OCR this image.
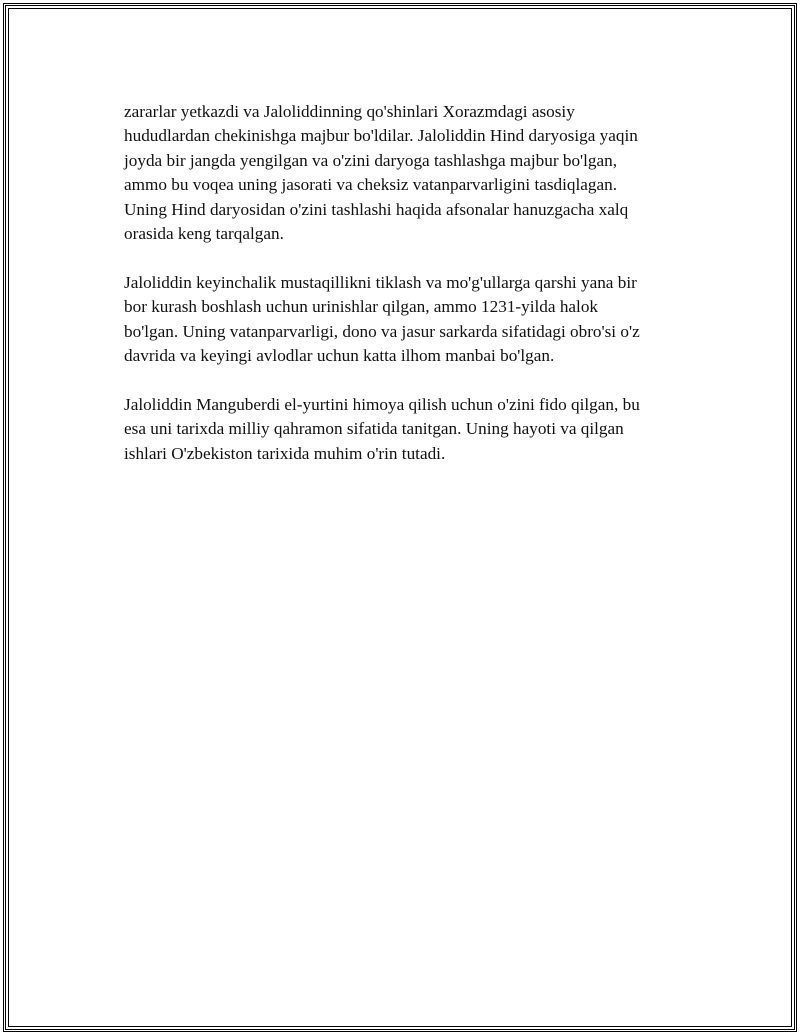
zararlar yetkazdi va Jaloliddinning qo'shinlari Xorazmdagi asosiy
hududlardan chekinishga majbur bo'ldilar. Jaloliddin Hind daryosiga yaqin
joyda bir jangda yengilgan va o'zini daryoga tashlashga majbur bo'lgan,
ammo bu voqea uning jasorati va cheksiz vatanparvarligini tasdiqlagan.
Uning Hind daryosidan o'zini tashlashi haqida afsonalar hanuzgacha xalq
orasida keng tarqalgan.

Jaloliddin keyinchalik mustaqillikni tiklash va mo'g'ullarga qarshi yana bir
bor kurash boshlash uchun urinishlar qilgan, ammo 1231-yilda halok
bo'lgan. Uning vatanparvarligi, dono va jasur sarkarda sifatidagi obro'si o'z
davrida va keyingi avlodlar uchun katta ilhom manbai bo'lgan.

Jaloliddin Manguberdi el-yurtini himoya qilish uchun o'zini fido qilgan, bu
esa uni tarixda milliy qahramon sifatida tanitgan. Uning hayoti va qilgan
ishlari O'zbekiston tarixida muhim o'rin tutadi.
